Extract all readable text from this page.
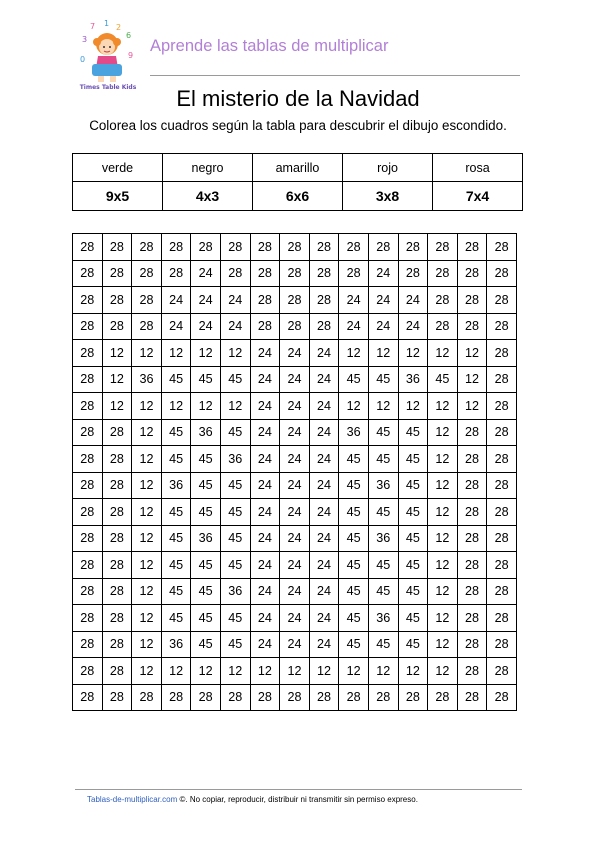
7 1 2
6
3
0	9
Times Table Kids
Aprende las tablas de multiplicar
El misterio de la Navidad
Colorea los cuadros según la tabla para descubrir el dibujo escondido.
verde	negro	amarillo	rojo	rosa
9x5	4x3	6x6	3x8	7x4
28	28	28	28	28	28	28	28	28	28	28	28	28	28	28
28	28	28	28	24	28	28	28	28	28	24	28	28	28	28
28	28	28	24	24	24	28	28	28	24	24	24	28	28	28
28	28	28	24	24	24	28	28	28	24	24	24	28	28	28
28	12	12	12	12	12	24	24	24	12	12	12	12	12	28
28	12	36	45	45	45	24	24	24	45	45	36	45	12	28
28	12	12	12	12	12	24	24	24	12	12	12	12	12	28
28	28	12	45	36	45	24	24	24	36	45	45	12	28	28
28	28	12	45	45	36	24	24	24	45	45	45	12	28	28
28	28	12	36	45	45	24	24	24	45	36	45	12	28	28
28	28	12	45	45	45	24	24	24	45	45	45	12	28	28
28	28	12	45	36	45	24	24	24	45	36	45	12	28	28
28	28	12	45	45	45	24	24	24	45	45	45	12	28	28
28	28	12	45	45	36	24	24	24	45	45	45	12	28	28
28	28	12	45	45	45	24	24	24	45	36	45	12	28	28
28	28	12	36	45	45	24	24	24	45	45	45	12	28	28
28	28	12	12	12	12	12	12	12	12	12	12	12	28	28
28	28	28	28	28	28	28	28	28	28	28	28	28	28	28
Tablas-de-multiplicar.com ©. No copiar, reproducir, distribuir ni transmitir sin permiso expreso.
